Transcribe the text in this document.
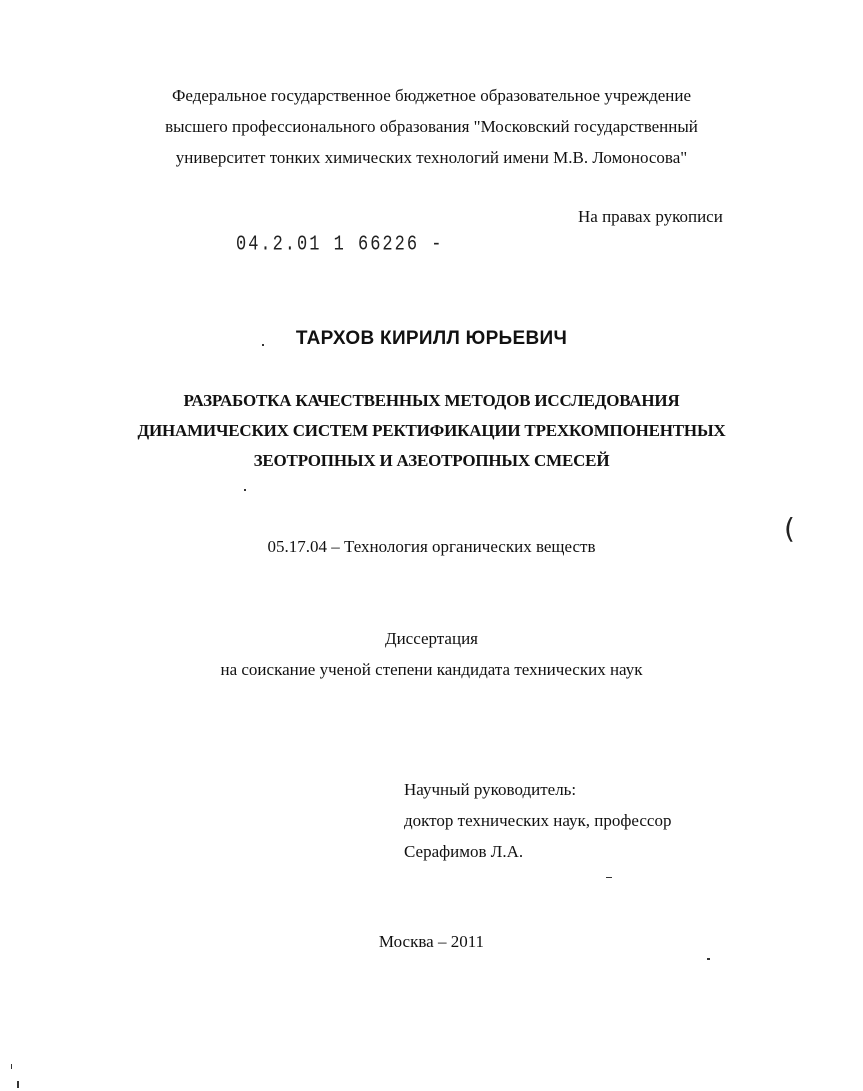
Федеральное государственное бюджетное образовательное учреждение
высшего профессионального образования "Московский государственный
университет тонких химических технологий имени М.В. Ломоносова"
На правах рукописи
04.2.01 1 66226 -
ТАРХОВ КИРИЛЛ ЮРЬЕВИЧ
РАЗРАБОТКА КАЧЕСТВЕННЫХ МЕТОДОВ ИССЛЕДОВАНИЯ
ДИНАМИЧЕСКИХ СИСТЕМ РЕКТИФИКАЦИИ ТРЕХКОМПОНЕНТНЫХ
ЗЕОТРОПНЫХ И АЗЕОТРОПНЫХ СМЕСЕЙ
05.17.04 – Технология органических веществ
Диссертация
на соискание ученой степени кандидата технических наук
Научный руководитель:
доктор технических наук, профессор
Серафимов Л.А.
Москва – 2011
(
